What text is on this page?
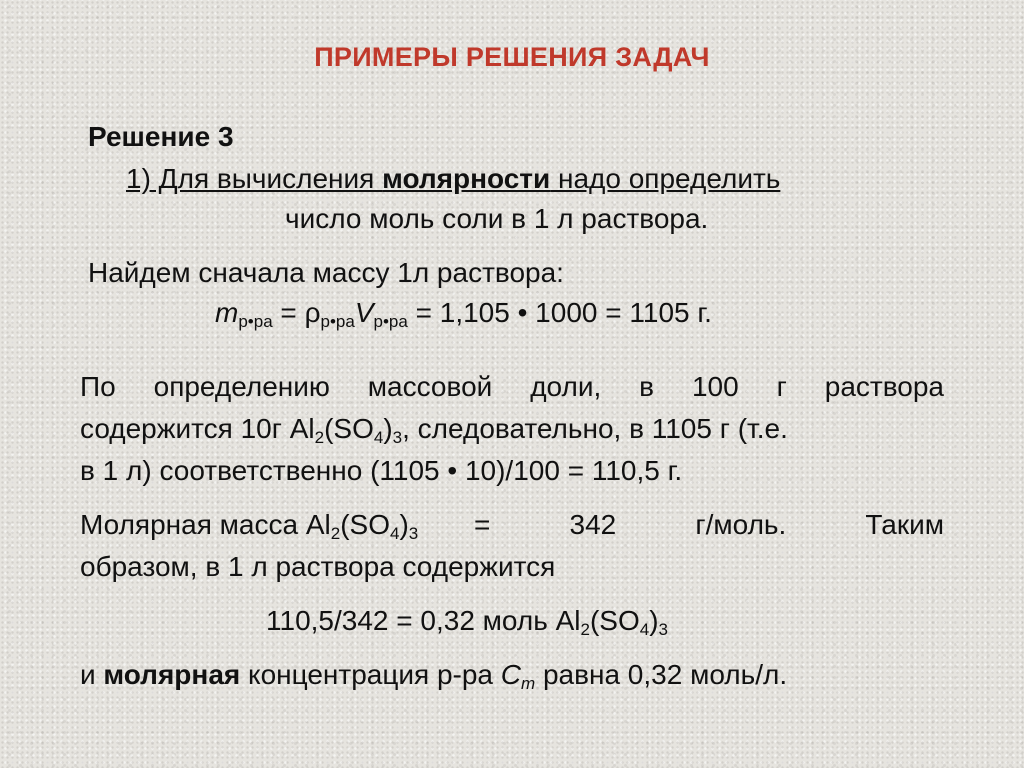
ПРИМЕРЫ РЕШЕНИЯ ЗАДАЧ
Решение 3
1) Для вычисления молярности надо определить
число моль соли в 1 л раствора.
Найдем сначала массу 1л раствора:
$m_{р•ра} = \rho_{р•ра}V_{р•ра} = 1,105$ • 1000 = 1105 г.
По определению массовой доли, в 100 г раствора
содержится 10г $Al_2(SO_4)_3$, следовательно, в 1105 г (т.е.
в 1 л) соответственно (1105 • 10)/100 = 110,5 г.
Молярная масса $Al_2(SO_4)_3 = 342$ г/моль. Таким
образом, в 1 л раствора содержится
110,5/342 = 0,32 моль $Al_2(SO_4)_3$
и молярная концентрация р-ра $C_m$ равна 0,32 моль/л.
